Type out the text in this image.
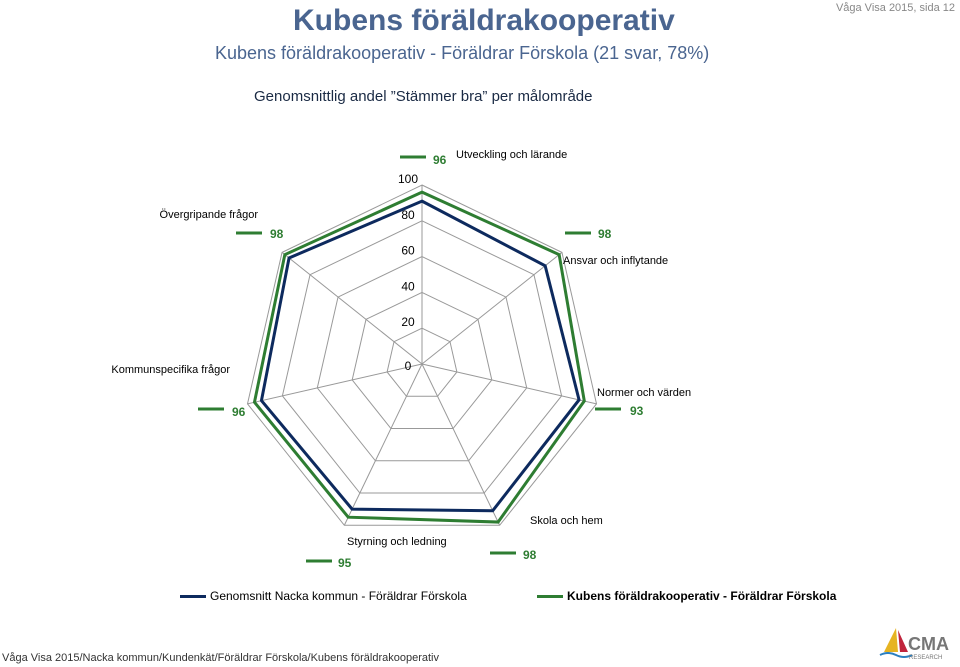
Kubens föräldrakooperativ
Kubens föräldrakooperativ - Föräldrar Förskola (21 svar, 78%)
Våga Visa 2015, sida 12
Genomsnittlig andel ”Stämmer bra” per målområde
0
20
40
60
80
100
Utveckling och lärande
96
Ansvar och inflytande
98
Normer och värden
93
Skola och hem
98
Styrning och ledning
95
Kommunspecifika frågor
96
Övergripande frågor
98
Genomsnitt Nacka kommun - Föräldrar Förskola	Kubens föräldrakooperativ - Föräldrar Förskola
Våga Visa 2015/Nacka kommun/Kundenkät/Föräldrar Förskola/Kubens föräldrakooperativ
CMA
RESEARCH
